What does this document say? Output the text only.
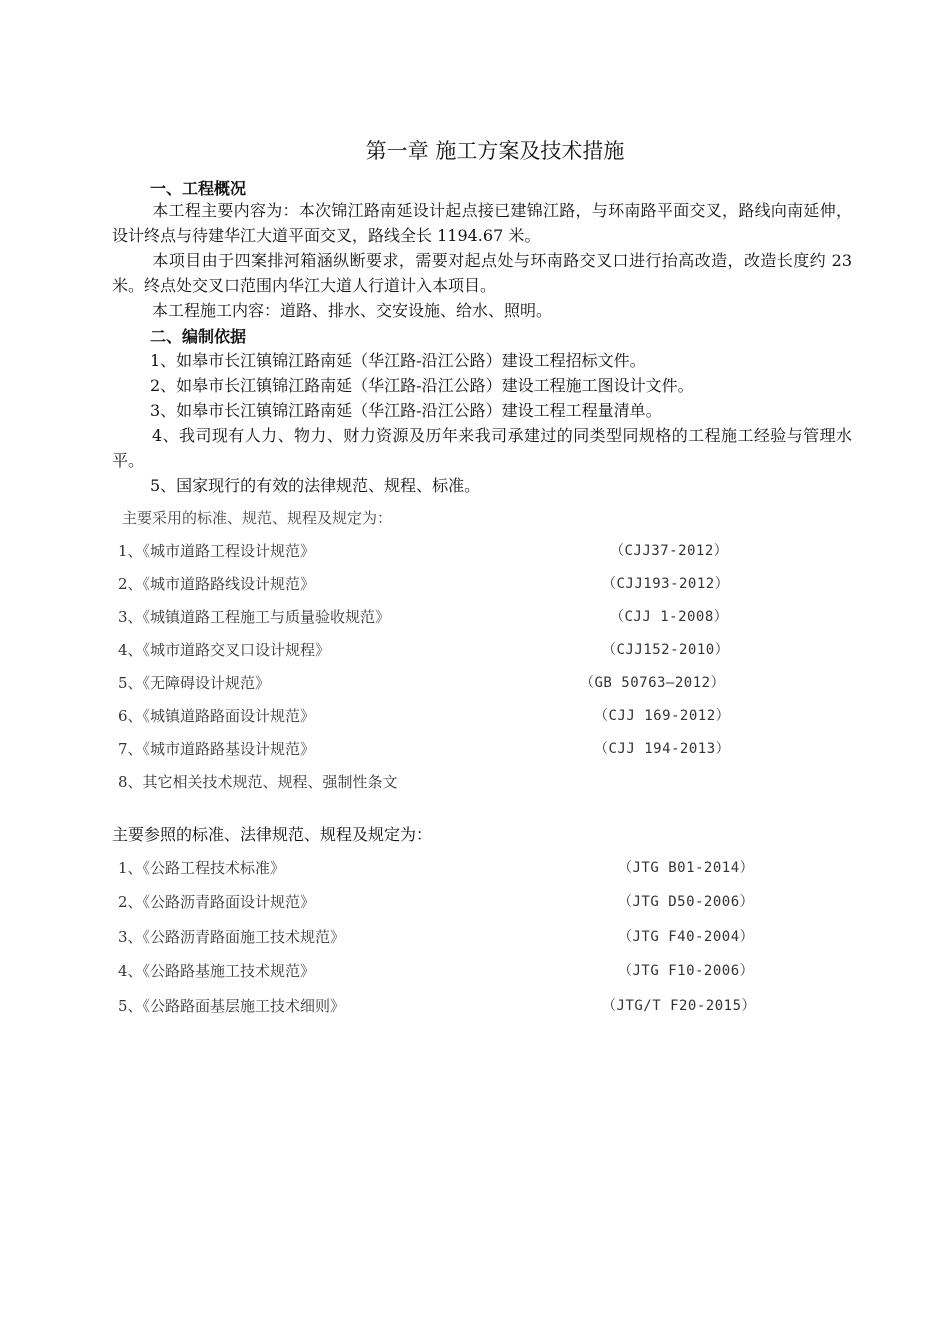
第一章 施工方案及技术措施
一、工程概况
本工程主要内容为：本次锦江路南延设计起点接已建锦江路，与环南路平面交叉，路线向南延伸，设计终点与待建华江大道平面交叉，路线全长 1194.67 米。
本项目由于四案排河箱涵纵断要求，需要对起点处与环南路交叉口进行抬高改造，改造长度约 23 米。终点处交叉口范围内华江大道人行道计入本项目。
本工程施工内容：道路、排水、交安设施、给水、照明。
二、编制依据
1、如皋市长江镇锦江路南延（华江路-沿江公路）建设工程招标文件。
2、如皋市长江镇锦江路南延（华江路-沿江公路）建设工程施工图设计文件。
3、如皋市长江镇锦江路南延（华江路-沿江公路）建设工程工程量清单。
4、我司现有人力、物力、财力资源及历年来我司承建过的同类型同规格的工程施工经验与管理水平。
5、国家现行的有效的法律规范、规程、标准。
主要采用的标准、规范、规程及规定为：
1、《城市道路工程设计规范》	（CJJ37-2012）
2、《城市道路路线设计规范》	（CJJ193-2012）
3、《城镇道路工程施工与质量验收规范》	（CJJ 1-2008）
4、《城市道路交叉口设计规程》	（CJJ152-2010）
5、《无障碍设计规范》	（GB 50763—2012）
6、《城镇道路路面设计规范》	（CJJ 169-2012）
7、《城市道路路基设计规范》	（CJJ 194-2013）
8、其它相关技术规范、规程、强制性条文
主要参照的标准、法律规范、规程及规定为：
1、《公路工程技术标准》	（JTG B01-2014）
2、《公路沥青路面设计规范》	（JTG D50-2006）
3、《公路沥青路面施工技术规范》	（JTG F40-2004）
4、《公路路基施工技术规范》	（JTG F10-2006）
5、《公路路面基层施工技术细则》	（JTG/T F20-2015）
